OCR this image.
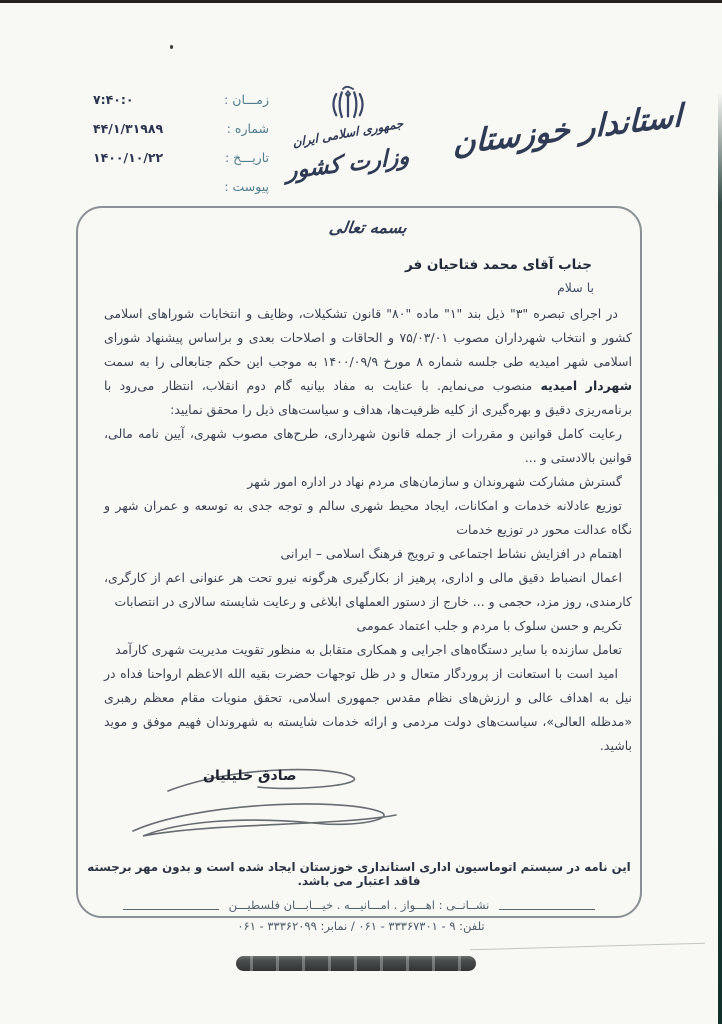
زمـــان :
۷:۴۰:۰
شماره :
۴۴/۱/۳۱۹۸۹
تاریـــخ :
۱۴۰۰/۱۰/۲۲
پیوست :
جمهوری اسلامی ایران
وزارت کشور
استاندار خوزستان
بسمه تعالی
جناب آقای محمد فتاحیان فر
با سلام

در اجرای تبصره "۳" ذیل بند "۱" ماده "۸۰" قانون تشکیلات، وظایف و انتخابات شوراهای اسلامی کشور و انتخاب شهرداران مصوب ۷۵/۰۳/۰۱ و الحاقات و اصلاحات بعدی و براساس پیشنهاد شورای اسلامی شهر امیدیه طی جلسه شماره ۸ مورخ ۱۴۰۰/۰۹/۹ به موجب این حکم جنابعالی را به سمت شهردار امیدیه منصوب می‌نمایم. با عنایت به مفاد بیانیه گام دوم انقلاب، انتظار می‌رود با برنامه‌ریزی دقیق و بهره‌گیری از کلیه ظرفیت‌ها، هداف و سیاست‌های ذیل را محقق نمایید:

رعایت کامل قوانین و مقررات از جمله قانون شهرداری، طرح‌های مصوب شهری، آیین نامه مالی، قوانین بالادستی و ...

گسترش مشارکت شهروندان و سازمان‌های مردم نهاد در اداره امور شهر

توزیع عادلانه خدمات و امکانات، ایجاد محیط شهری سالم و توجه جدی به توسعه و عمران شهر و نگاه عدالت محور در توزیع خدمات

اهتمام در افزایش نشاط اجتماعی و ترویج فرهنگ اسلامی – ایرانی

اعمال انضباط دقیق مالی و اداری، پرهیز از بکارگیری هرگونه نیرو تحت هر عنوانی اعم از کارگری، کارمندی، روز مزد، حجمی و ... خارج از دستور العملهای ابلاغی و رعایت شایسته سالاری در انتصابات

تکریم و حسن سلوک با مردم و جلب اعتماد عمومی

تعامل سازنده با سایر دستگاه‌های اجرایی و همکاری متقابل به منظور تقویت مدیریت شهری کارآمد

امید است با استعانت از پروردگار متعال و در ظل توجهات حضرت بقیه الله الاعظم ارواحنا فداه در نیل به اهداف عالی و ارزش‌های نظام مقدس جمهوری اسلامی، تحقق منویات مقام معظم رهبری «مدظله العالی»، سیاست‌های دولت مردمی و ارائه خدمات شایسته به شهروندان فهیم موفق و موید باشید.

صادق خلیلیان
این نامه در سیستم اتوماسیون اداری استانداری خوزستان ایجاد شده است و بدون مهر برجسته فاقد اعتبار می باشد.
نشــانــی : اهـــواز . امـــانیـــه . خیـــابـــان فلسطیـــن
تلفن: ۹ - ۳۳۳۶۷۳۰۱ - ۰۶۱ / نمابر: ۳۳۳۶۲۰۹۹ - ۰۶۱
